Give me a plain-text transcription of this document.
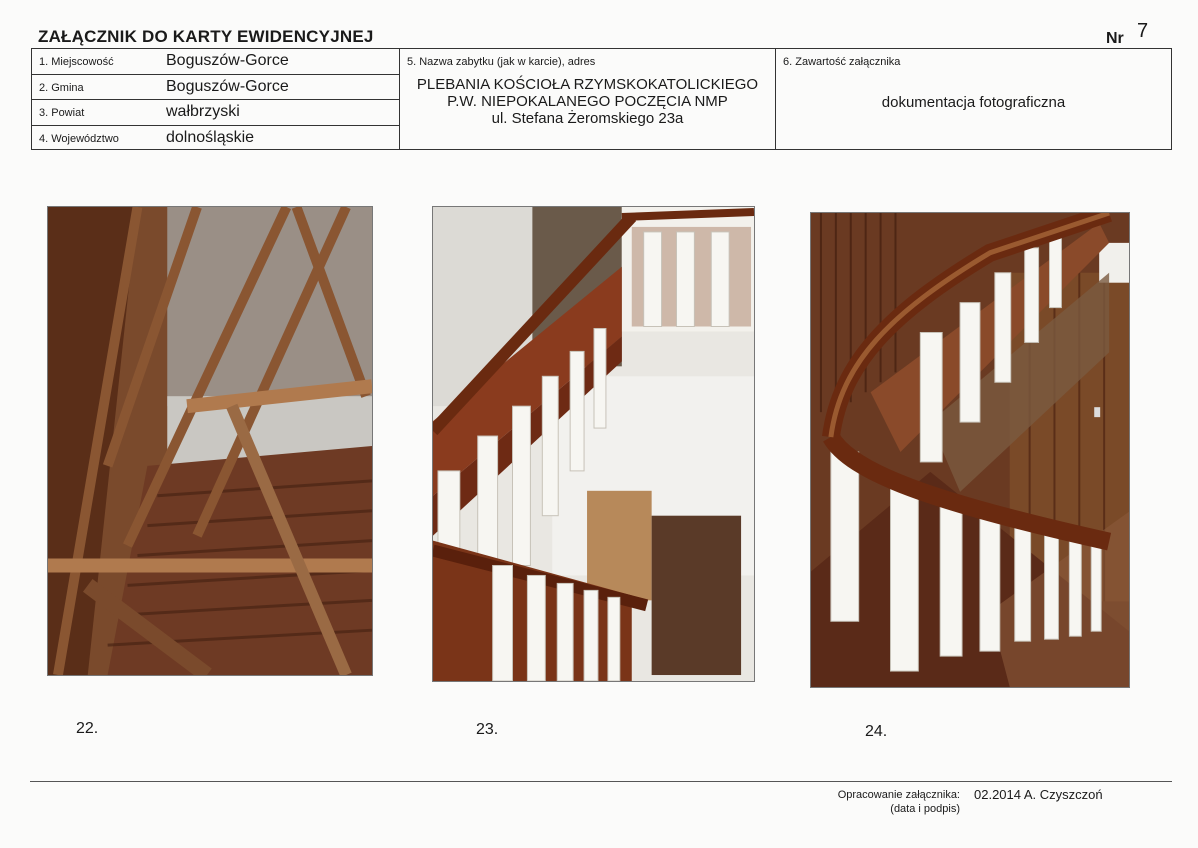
ZAŁĄCZNIK DO KARTY EWIDENCYJNEJ	Nr 7
1. Miejscowość	Boguszów-Gorce
2. Gmina	Boguszów-Gorce
3. Powiat	wałbrzyski
4. Województwo	dolnośląskie
5. Nazwa zabytku (jak w karcie), adres
PLEBANIA KOŚCIOŁA RZYMSKOKATOLICKIEGO
P.W. NIEPOKALANEGO POCZĘCIA NMP
ul. Stefana Żeromskiego 23a
6. Zawartość załącznika
dokumentacja fotograficzna
22.	23.	24.
Opracowanie załącznika:
(data i podpis)
02.2014 A. Czyszczoń
